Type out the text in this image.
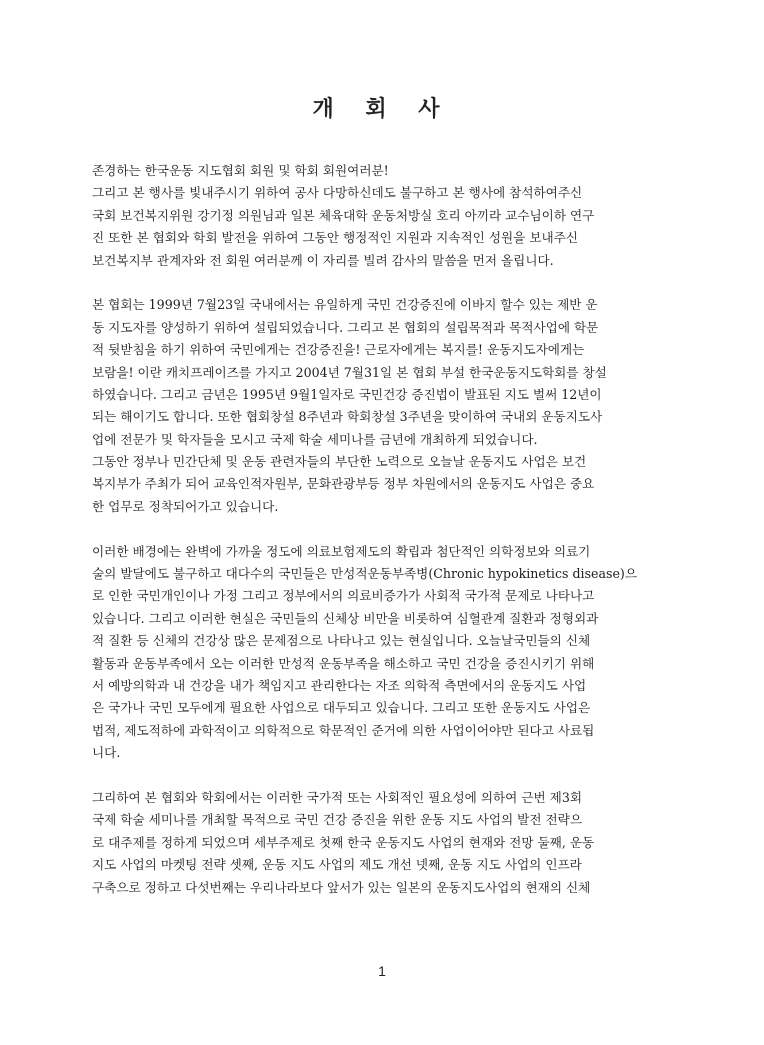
개 회 사
존경하는 한국운동 지도협회 회원 및 학회 회원여러분!
그리고 본 행사를 빛내주시기 위하여 공사 다망하신데도 불구하고 본 행사에 참석하여주신
국회 보건복지위원 강기정 의원님과 일본 체육대학 운동처방실 호리 아끼라 교수님이하 연구
진 또한 본 협회와 학회 발전을 위하여 그동안 행정적인 지원과 지속적인 성원을 보내주신
보건복지부 관계자와 전 회원 여러분께 이 자리를 빌려 감사의 말씀을 먼저 올립니다.
본 협회는 1999년 7월23일 국내에서는 유일하게 국민 건강증진에 이바지 할수 있는 제반 운
동 지도자를 양성하기 위하여 설립되었습니다. 그리고 본 협회의 설립목적과 목적사업에 학문
적 뒷받침을 하기 위하여 국민에게는 건강증진을! 근로자에게는 복지를! 운동지도자에게는
보람을! 이란 캐치프레이즈를 가지고 2004년 7월31일 본 협회 부설 한국운동지도학회를 창설
하였습니다. 그리고 금년은 1995년 9월1일자로 국민건강 증진법이 발표된 지도 벌써 12년이
되는 해이기도 합니다. 또한 협회창설 8주년과 학회창설 3주년을 맞이하여 국내외 운동지도사
업에 전문가 및 학자들을 모시고 국제 학술 세미나를 금년에 개최하게 되었습니다.
그동안 정부나 민간단체 및 운동 관련자들의 부단한 노력으로 오늘날 운동지도 사업은 보건
복지부가 주최가 되어 교육인적자원부, 문화관광부등 정부 차원에서의 운동지도 사업은 중요
한 업무로 정착되어가고 있습니다.
이러한 배경에는 완벽에 가까울 정도에 의료보험제도의 확립과 첨단적인 의학정보와 의료기
술의 발달에도 불구하고 대다수의 국민들은 만성적운동부족병(Chronic hypokinetics disease)으
로 인한 국민개인이나 가정 그리고 정부에서의 의료비증가가 사회적 국가적 문제로 나타나고
있습니다. 그리고 이러한 현실은 국민들의 신체상 비만을 비롯하여 심혈관계 질환과 정형외과
적 질환 등 신체의 건강상 많은 문제점으로 나타나고 있는 현실입니다. 오늘날국민들의 신체
활동과 운동부족에서 오는 이러한 만성적 운동부족을 해소하고 국민 건강을 증진시키기 위해
서 예방의학과 내 건강을 내가 책임지고 관리한다는 자조 의학적 측면에서의 운동지도 사업
은 국가나 국민 모두에게 필요한 사업으로 대두되고 있습니다. 그리고 또한 운동지도 사업은
법적, 제도적하에 과학적이고 의학적으로 학문적인 준거에 의한 사업이어야만 된다고 사료됩
니다.
그리하여 본 협회와 학회에서는 이러한 국가적 또는 사회적인 필요성에 의하여 근번 제3회
국제 학술 세미나를 개최할 목적으로 국민 건강 증진을 위한 운동 지도 사업의 발전 전략으
로 대주제를 정하게 되었으며 세부주제로 첫째 한국 운동지도 사업의 현재와 전망 둘째, 운동
지도 사업의 마켓팅 전략 셋째, 운동 지도 사업의 제도 개선 넷째, 운동 지도 사업의 인프라
구축으로 정하고 다섯번째는 우리나라보다 앞서가 있는 일본의 운동지도사업의 현재의 신체
1
